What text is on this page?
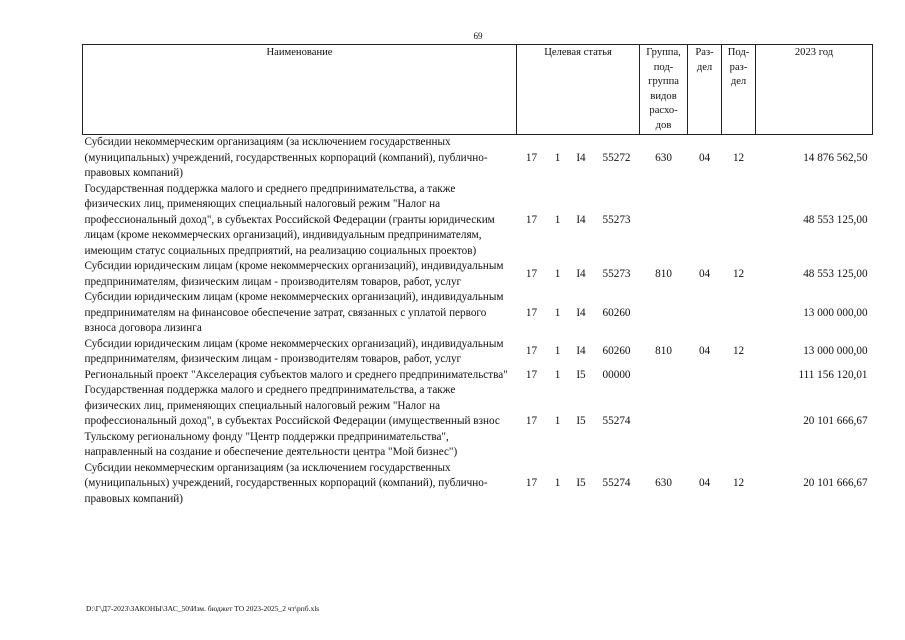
69
Наименование	Целевая статья				Группа, под- группа видов расхо- дов	Раз- дел	Под- раз- дел	2023 год
Субсидии некоммерческим организациям (за исключением государственных (муниципальных) учреждений, государственных корпораций (компаний), публично-правовых компаний)	17	1	I4	55272	630	04	12	14 876 562,50
Государственная поддержка малого и среднего предпринимательства, а также физических лиц, применяющих специальный налоговый режим "Налог на профессиональный доход", в субъектах Российской Федерации (гранты юридическим лицам (кроме некоммерческих организаций), индивидуальным предпринимателям, имеющим статус социальных предприятий, на реализацию социальных проектов)	17	1	I4	55273				48 553 125,00
Субсидии юридическим лицам (кроме некоммерческих организаций), индивидуальным предпринимателям, физическим лицам - производителям товаров, работ, услуг	17	1	I4	55273	810	04	12	48 553 125,00
Субсидии юридическим лицам (кроме некоммерческих организаций), индивидуальным предпринимателям на финансовое обеспечение затрат, связанных с уплатой первого взноса договора лизинга	17	1	I4	60260				13 000 000,00
Субсидии юридическим лицам (кроме некоммерческих организаций), индивидуальным предпринимателям, физическим лицам - производителям товаров, работ, услуг	17	1	I4	60260	810	04	12	13 000 000,00
Региональный проект "Акселерация субъектов малого и среднего предпринимательства"	17	1	I5	00000				111 156 120,01
Государственная поддержка малого и среднего предпринимательства, а также физических лиц, применяющих специальный налоговый режим "Налог на профессиональный доход", в субъектах Российской Федерации (имущественный взнос Тульскому региональному фонду "Центр поддержки предпринимательства", направленный на создание и обеспечение деятельности центра "Мой бизнес")	17	1	I5	55274				20 101 666,67
Субсидии некоммерческим организациям (за исключением государственных (муниципальных) учреждений, государственных корпораций (компаний), публично-правовых компаний)	17	1	I5	55274	630	04	12	20 101 666,67
D:\Г\Д7-2023\ЗАКОНЫ\ЗАС_50\Изм. бюджет ТО 2023-2025_2 чт\рпб.xls
